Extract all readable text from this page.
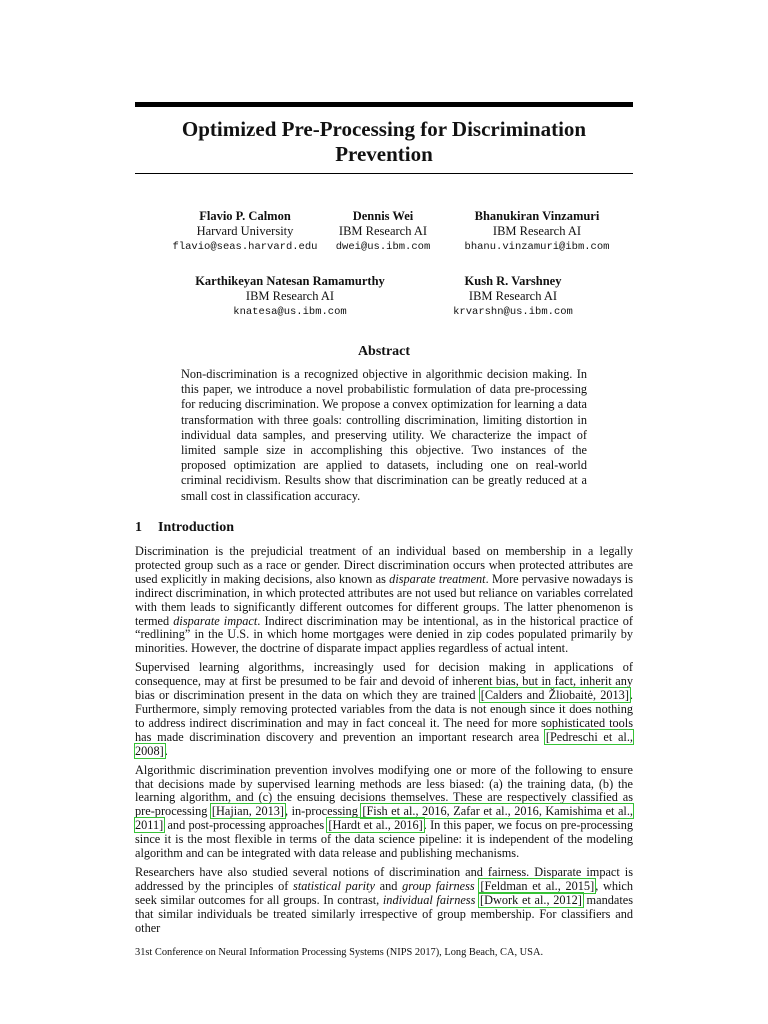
Optimized Pre-Processing for Discrimination
Prevention
Flavio P. Calmon
Harvard University
flavio@seas.harvard.edu
Dennis Wei
IBM Research AI
dwei@us.ibm.com
Bhanukiran Vinzamuri
IBM Research AI
bhanu.vinzamuri@ibm.com
Karthikeyan Natesan Ramamurthy
IBM Research AI
knatesa@us.ibm.com
Kush R. Varshney
IBM Research AI
krvarshn@us.ibm.com
Abstract
Non-discrimination is a recognized objective in algorithmic decision making. In this paper, we introduce a novel probabilistic formulation of data pre-processing for reducing discrimination. We propose a convex optimization for learning a data transformation with three goals: controlling discrimination, limiting distortion in individual data samples, and preserving utility. We characterize the impact of limited sample size in accomplishing this objective. Two instances of the proposed optimization are applied to datasets, including one on real-world criminal recidivism. Results show that discrimination can be greatly reduced at a small cost in classification accuracy.
1 Introduction

Discrimination is the prejudicial treatment of an individual based on membership in a legally protected group such as a race or gender. Direct discrimination occurs when protected attributes are used explicitly in making decisions, also known as disparate treatment. More pervasive nowadays is indirect discrimination, in which protected attributes are not used but reliance on variables correlated with them leads to significantly different outcomes for different groups. The latter phenomenon is termed disparate impact. Indirect discrimination may be intentional, as in the historical practice of “redlining” in the U.S. in which home mortgages were denied in zip codes populated primarily by minorities. However, the doctrine of disparate impact applies regardless of actual intent.

Supervised learning algorithms, increasingly used for decision making in applications of consequence, may at first be presumed to be fair and devoid of inherent bias, but in fact, inherit any bias or discrimination present in the data on which they are trained [Calders and Žliobaitė, 2013]. Furthermore, simply removing protected variables from the data is not enough since it does nothing to address indirect discrimination and may in fact conceal it. The need for more sophisticated tools has made discrimination discovery and prevention an important research area [Pedreschi et al., 2008].

Algorithmic discrimination prevention involves modifying one or more of the following to ensure that decisions made by supervised learning methods are less biased: (a) the training data, (b) the learning algorithm, and (c) the ensuing decisions themselves. These are respectively classified as pre-processing [Hajian, 2013], in-processing [Fish et al., 2016, Zafar et al., 2016, Kamishima et al., 2011] and post-processing approaches [Hardt et al., 2016]. In this paper, we focus on pre-processing since it is the most flexible in terms of the data science pipeline: it is independent of the modeling algorithm and can be integrated with data release and publishing mechanisms.

Researchers have also studied several notions of discrimination and fairness. Disparate impact is addressed by the principles of statistical parity and group fairness [Feldman et al., 2015], which seek similar outcomes for all groups. In contrast, individual fairness [Dwork et al., 2012] mandates that similar individuals be treated similarly irrespective of group membership. For classifiers and other

31st Conference on Neural Information Processing Systems (NIPS 2017), Long Beach, CA, USA.
